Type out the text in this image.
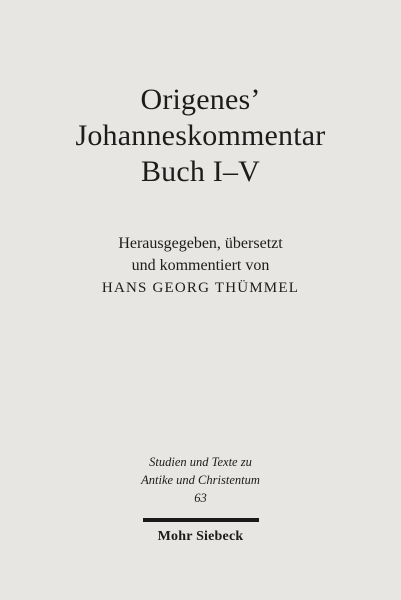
Origenes’
Johanneskommentar
Buch I–V
Herausgegeben, übersetzt
und kommentiert von
HANS GEORG THÜMMEL
Studien und Texte zu
Antike und Christentum
63
Mohr Siebeck
